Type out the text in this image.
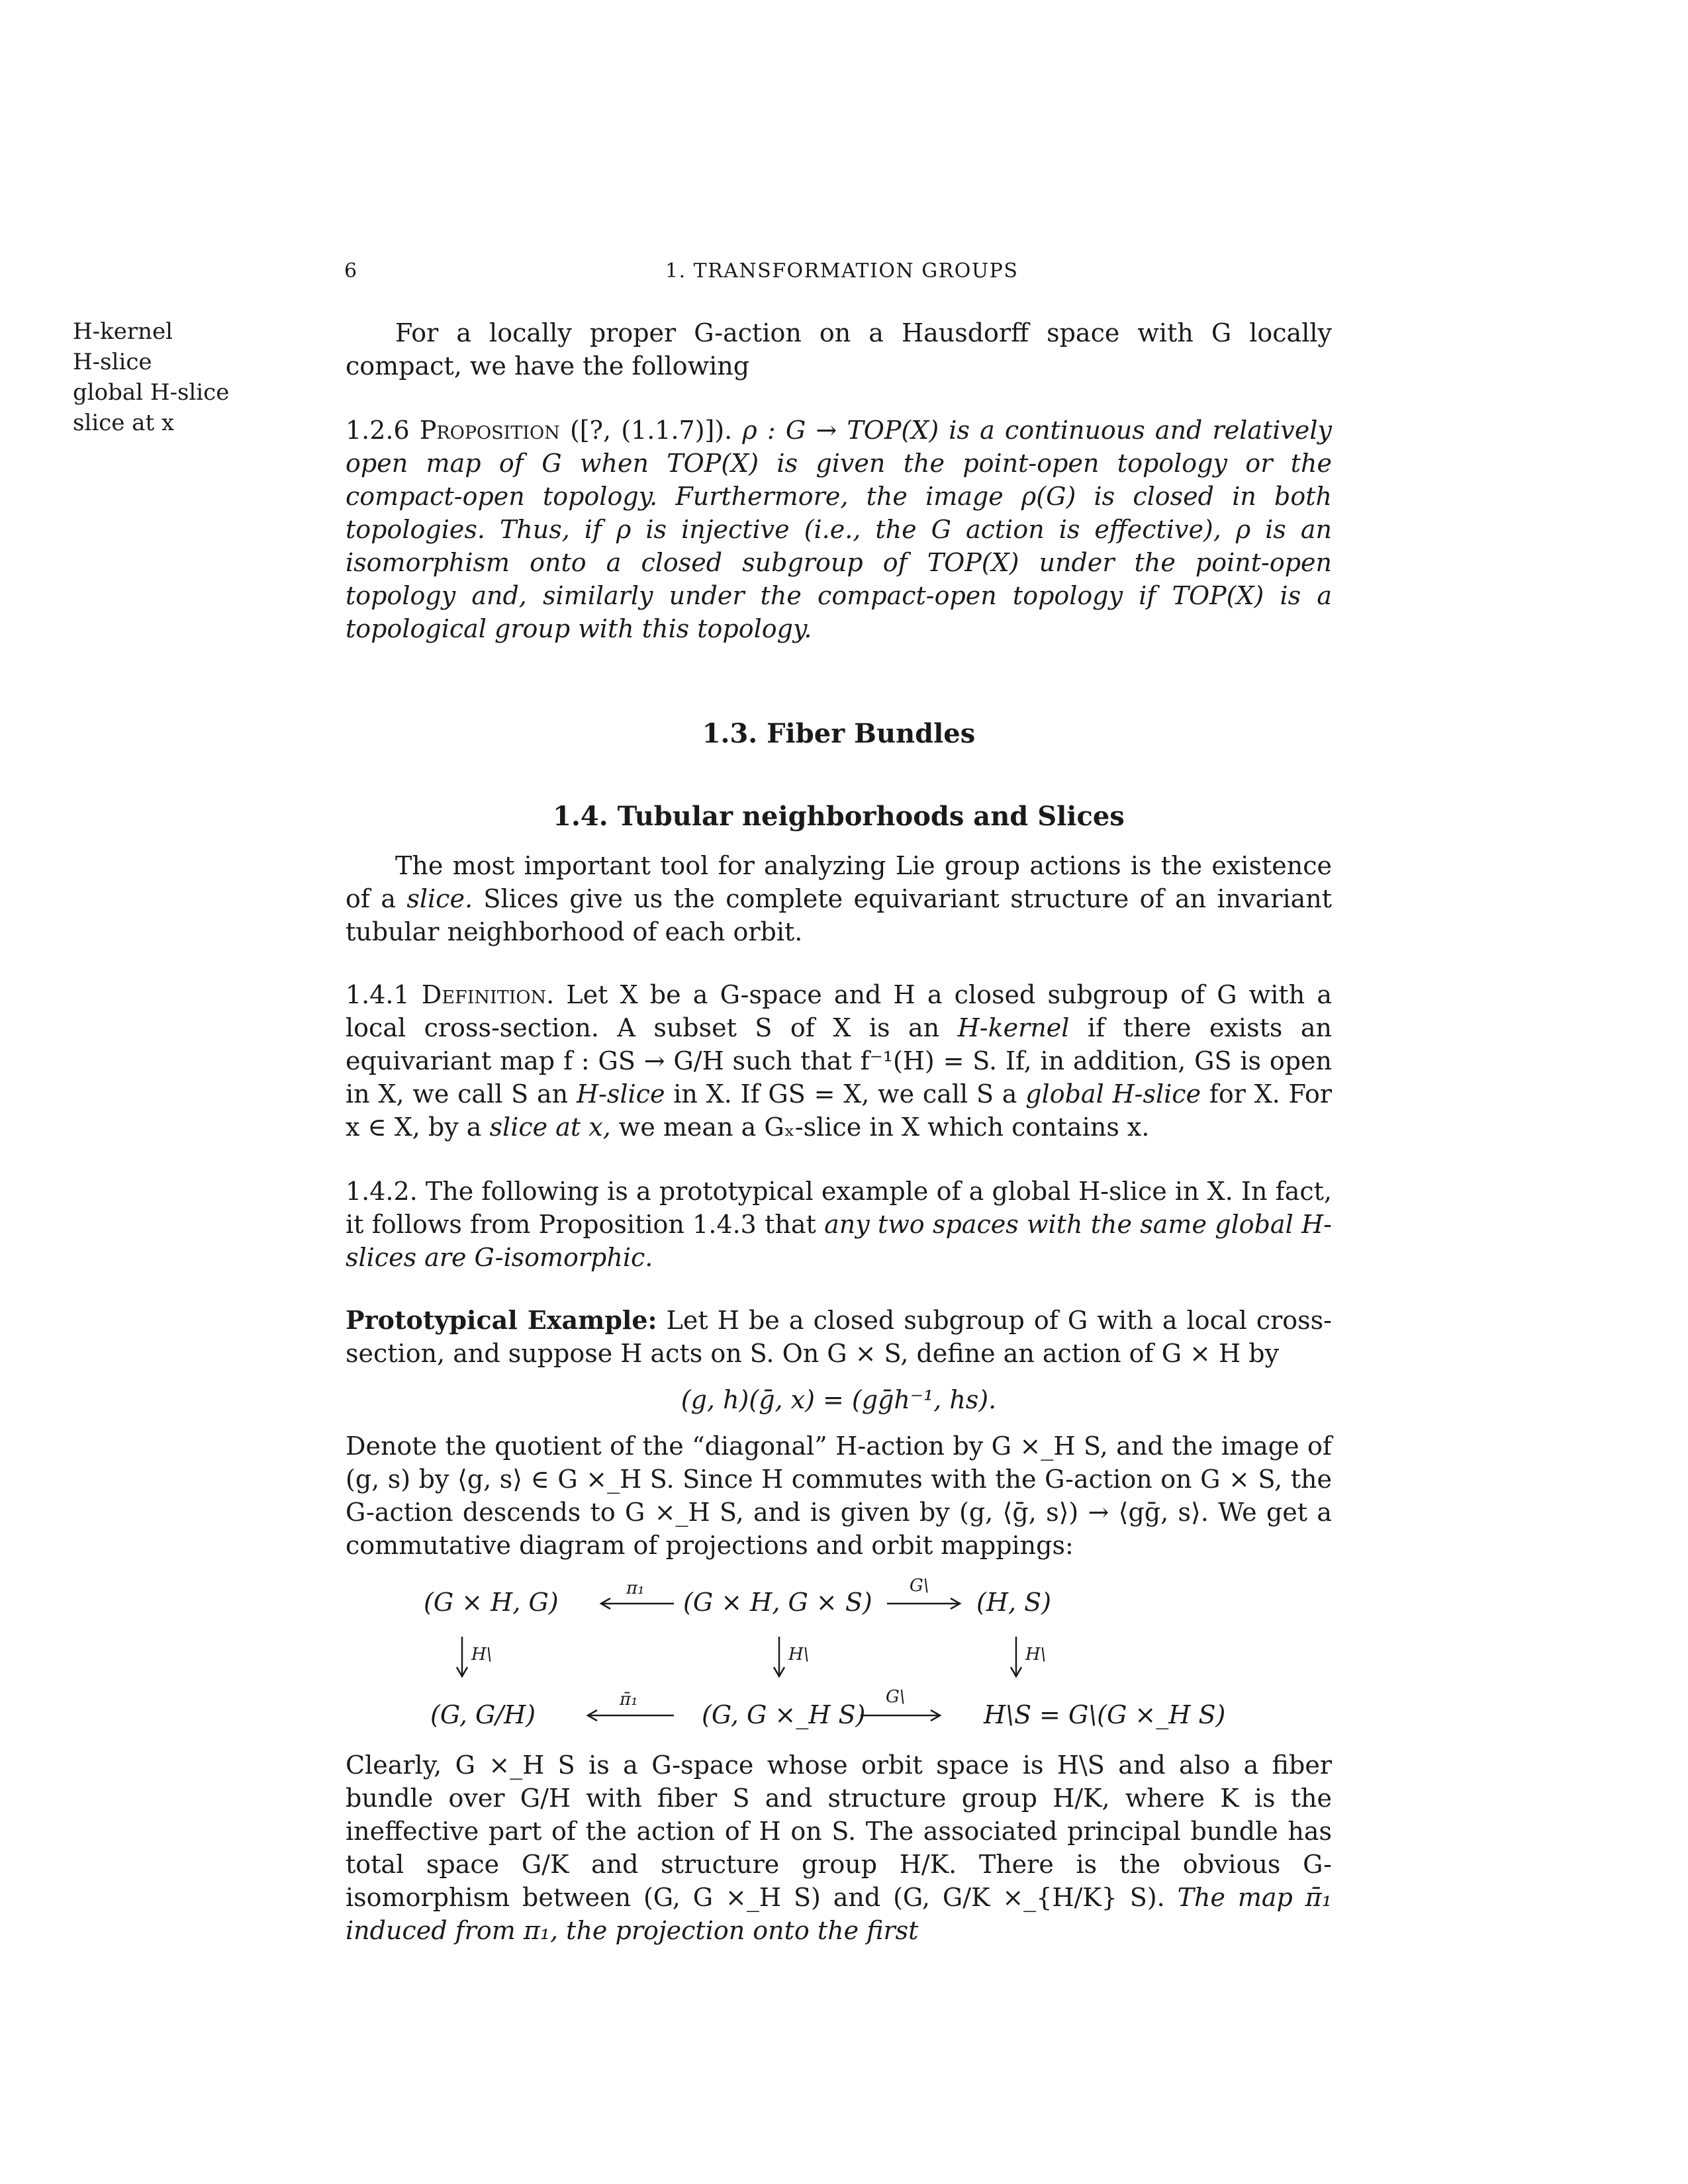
6	1. TRANSFORMATION GROUPS
H-kernel
H-slice
global H-slice
slice at x

For a locally proper G-action on a Hausdorff space with G locally compact, we have the following

1.2.6 Proposition ([?, (1.1.7)]). ρ : G → TOP(X) is a continuous and relatively open map of G when TOP(X) is given the point-open topology or the compact-open topology. Furthermore, the image ρ(G) is closed in both topologies. Thus, if ρ is injective (i.e., the G action is effective), ρ is an isomorphism onto a closed subgroup of TOP(X) under the point-open topology and, similarly under the compact-open topology if TOP(X) is a topological group with this topology.

1.3. Fiber Bundles
1.4. Tubular neighborhoods and Slices

The most important tool for analyzing Lie group actions is the existence of a slice. Slices give us the complete equivariant structure of an invariant tubular neighborhood of each orbit.

1.4.1 Definition. Let X be a G-space and H a closed subgroup of G with a local cross-section. A subset S of X is an H-kernel if there exists an equivariant map f : GS → G/H such that f⁻¹(H) = S. If, in addition, GS is open in X, we call S an H-slice in X. If GS = X, we call S a global H-slice for X. For x ∈ X, by a slice at x, we mean a Gₓ-slice in X which contains x.

1.4.2. The following is a prototypical example of a global H-slice in X. In fact, it follows from Proposition 1.4.3 that any two spaces with the same global H-slices are G-isomorphic.

Prototypical Example: Let H be a closed subgroup of G with a local cross-section, and suppose H acts on S. On G × S, define an action of G × H by

(g, h)(ḡ, x) = (gḡh⁻¹, hs).

Denote the quotient of the “diagonal” H-action by G ×_H S, and the image of (g, s) by ⟨g, s⟩ ∈ G ×_H S. Since H commutes with the G-action on G × S, the G-action descends to G ×_H S, and is given by (g, ⟨ḡ, s⟩) → ⟨gḡ, s⟩. We get a commutative diagram of projections and orbit mappings:

(G × H, G)	(G × H, G × S)	(H, S)
(G, G/H)	(G, G ×_H S)	H\S = G\(G ×_H S)
π₁	G\
H\	H\	H\
π̄₁	G\

Clearly, G ×_H S is a G-space whose orbit space is H\S and also a fiber bundle over G/H with fiber S and structure group H/K, where K is the ineffective part of the action of H on S. The associated principal bundle has total space G/K and structure group H/K. There is the obvious G-isomorphism between (G, G ×_H S) and (G, G/K ×_{H/K} S). The map π̄₁ induced from π₁, the projection onto the first
